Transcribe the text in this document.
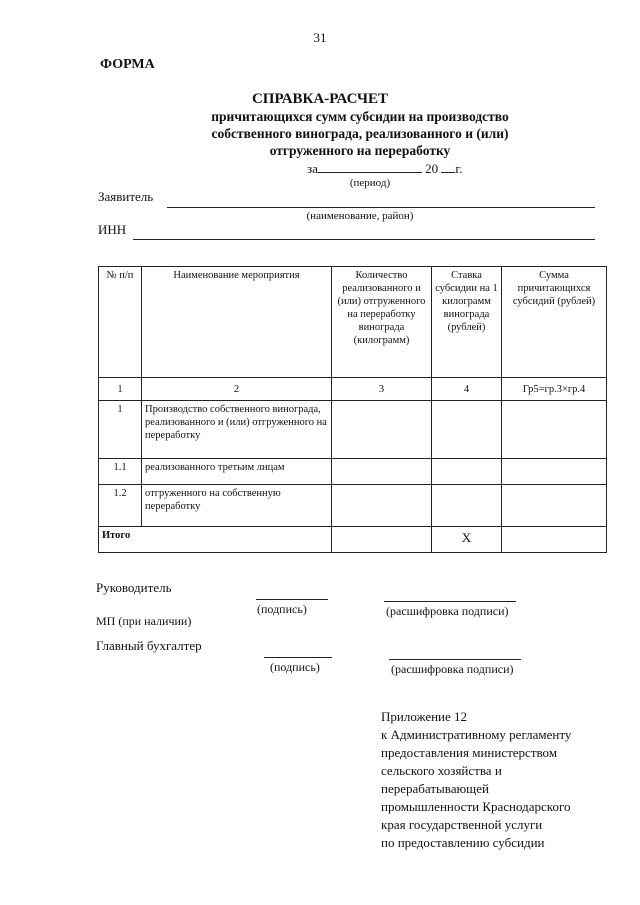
31
ФОРМА
СПРАВКА-РАСЧЕТ
причитающихся сумм субсидии на производство
собственного винограда, реализованного и (или)
отгруженного на переработку
за	20 г.
(период)
Заявитель
(наименование, район)
ИНН
№ п/п	Наименование мероприятия	Количество реализованного и (или) отгруженного на переработку винограда (килограмм)	Ставка субсидии на 1 килограмм винограда (рублей)	Сумма причитающихся субсидий (рублей)
1	2	3	4	Гр5=гр.3×гр.4
1	Производство собственного винограда, реализованного и (или) отгруженного на переработку			
1.1	реализованного третьим лицам			
1.2	отгруженного на собственную переработку			
Итого			Х	
Руководитель
(подпись)	(расшифровка подписи)
МП (при наличии)
Главный бухгалтер
(подпись)	(расшифровка подписи)
Приложение 12
к Административному регламенту
предоставления министерством
сельского хозяйства и
перерабатывающей
промышленности Краснодарского
края государственной услуги
по предоставлению субсидии
